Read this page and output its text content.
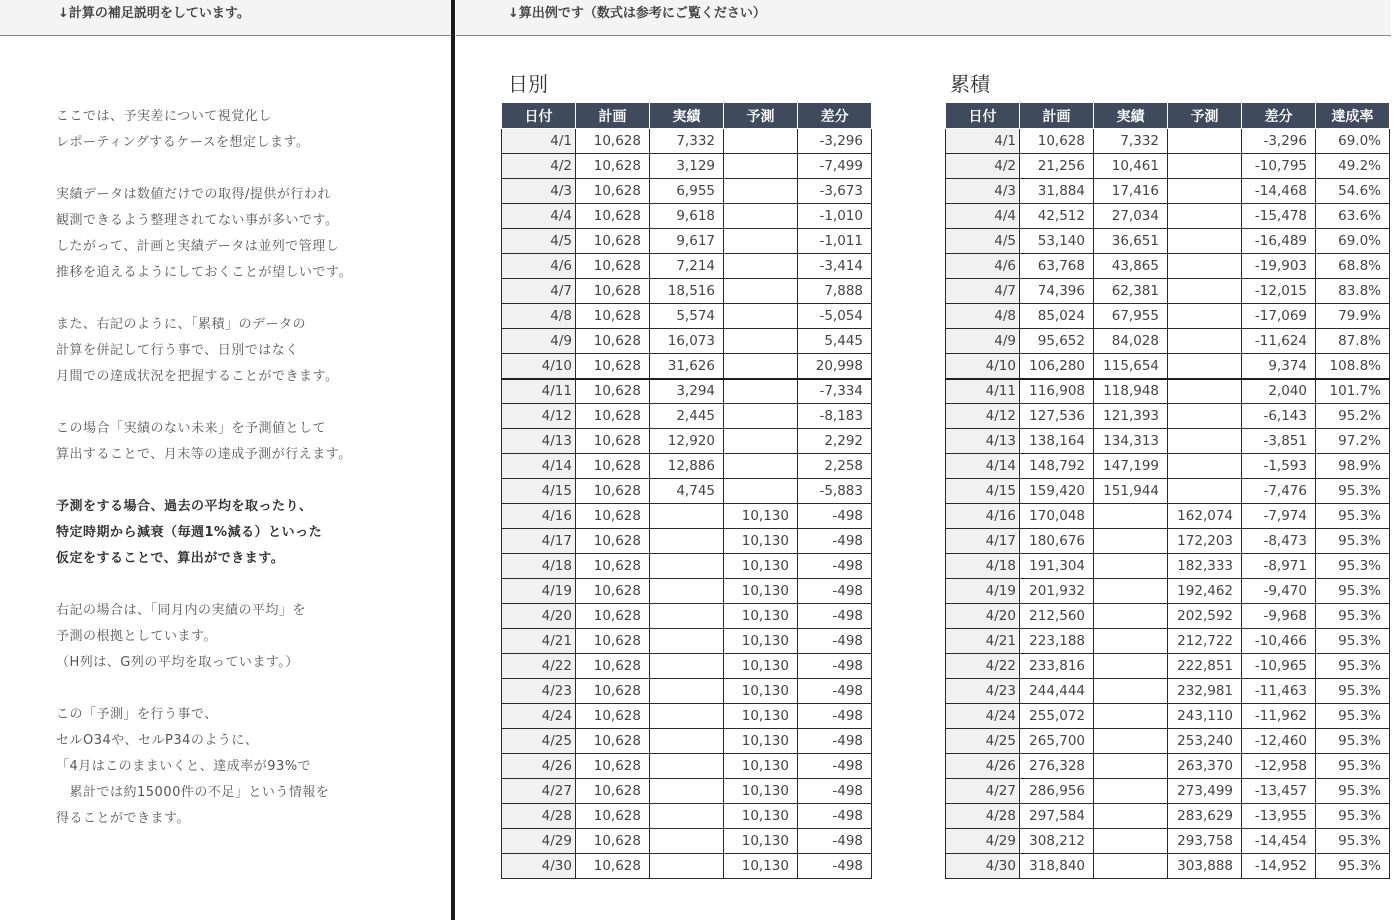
↓計算の補足説明をしています。	↓算出例です（数式は参考にご覧ください）
ここでは、予実差について視覚化し
レポーティングするケースを想定します。
実績データは数値だけでの取得/提供が行われ
観測できるよう整理されてない事が多いです。
したがって、計画と実績データは並列で管理し
推移を追えるようにしておくことが望しいです。
また、右記のように、「累積」のデータの
計算を併記して行う事で、日別ではなく
月間での達成状況を把握することができます。
この場合「実績のない未来」を予測値として
算出することで、月末等の達成予測が行えます。
予測をする場合、過去の平均を取ったり、
特定時期から減衰（毎週1%減る）といった
仮定をすることで、算出ができます。
右記の場合は、「同月内の実績の平均」を
予測の根拠としています。
（H列は、G列の平均を取っています。）
この「予測」を行う事で、
セルO34や、セルP34のように、
「4月はこのままいくと、達成率が93%で
　累計では約15000件の不足」という情報を
得ることができます。
日別	累積
日付	計画	実績	予測	差分
4/1	10,628	7,332		-3,296
4/2	10,628	3,129		-7,499
4/3	10,628	6,955		-3,673
4/4	10,628	9,618		-1,010
4/5	10,628	9,617		-1,011
4/6	10,628	7,214		-3,414
4/7	10,628	18,516		7,888
4/8	10,628	5,574		-5,054
4/9	10,628	16,073		5,445
4/10	10,628	31,626		20,998
4/11	10,628	3,294		-7,334
4/12	10,628	2,445		-8,183
4/13	10,628	12,920		2,292
4/14	10,628	12,886		2,258
4/15	10,628	4,745		-5,883
4/16	10,628		10,130	-498
4/17	10,628		10,130	-498
4/18	10,628		10,130	-498
4/19	10,628		10,130	-498
4/20	10,628		10,130	-498
4/21	10,628		10,130	-498
4/22	10,628		10,130	-498
4/23	10,628		10,130	-498
4/24	10,628		10,130	-498
4/25	10,628		10,130	-498
4/26	10,628		10,130	-498
4/27	10,628		10,130	-498
4/28	10,628		10,130	-498
4/29	10,628		10,130	-498
4/30	10,628		10,130	-498
日付	計画	実績	予測	差分	達成率
4/1	10,628	7,332		-3,296	69.0%
4/2	21,256	10,461		-10,795	49.2%
4/3	31,884	17,416		-14,468	54.6%
4/4	42,512	27,034		-15,478	63.6%
4/5	53,140	36,651		-16,489	69.0%
4/6	63,768	43,865		-19,903	68.8%
4/7	74,396	62,381		-12,015	83.8%
4/8	85,024	67,955		-17,069	79.9%
4/9	95,652	84,028		-11,624	87.8%
4/10	106,280	115,654		9,374	108.8%
4/11	116,908	118,948		2,040	101.7%
4/12	127,536	121,393		-6,143	95.2%
4/13	138,164	134,313		-3,851	97.2%
4/14	148,792	147,199		-1,593	98.9%
4/15	159,420	151,944		-7,476	95.3%
4/16	170,048		162,074	-7,974	95.3%
4/17	180,676		172,203	-8,473	95.3%
4/18	191,304		182,333	-8,971	95.3%
4/19	201,932		192,462	-9,470	95.3%
4/20	212,560		202,592	-9,968	95.3%
4/21	223,188		212,722	-10,466	95.3%
4/22	233,816		222,851	-10,965	95.3%
4/23	244,444		232,981	-11,463	95.3%
4/24	255,072		243,110	-11,962	95.3%
4/25	265,700		253,240	-12,460	95.3%
4/26	276,328		263,370	-12,958	95.3%
4/27	286,956		273,499	-13,457	95.3%
4/28	297,584		283,629	-13,955	95.3%
4/29	308,212		293,758	-14,454	95.3%
4/30	318,840		303,888	-14,952	95.3%
